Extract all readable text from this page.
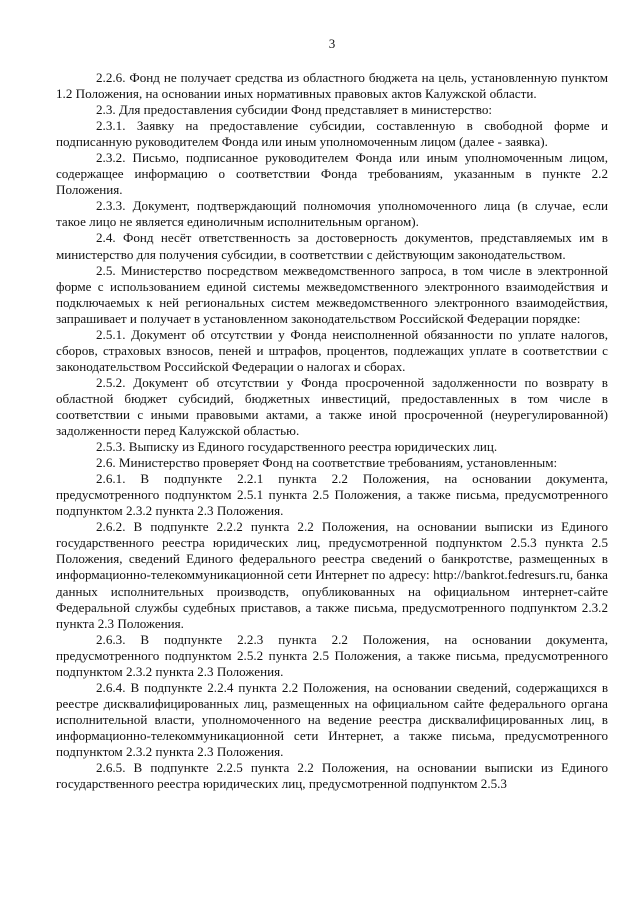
3

2.2.6. Фонд не получает средства из областного бюджета на цель, установленную пунктом 1.2 Положения, на основании иных нормативных правовых актов Калужской области.

2.3. Для предоставления субсидии Фонд представляет в министерство:

2.3.1. Заявку на предоставление субсидии, составленную в свободной форме и подписанную руководителем Фонда или иным уполномоченным лицом (далее - заявка).

2.3.2. Письмо, подписанное руководителем Фонда или иным уполномоченным лицом, содержащее информацию о соответствии Фонда требованиям, указанным в пункте 2.2 Положения.

2.3.3. Документ, подтверждающий полномочия уполномоченного лица (в случае, если такое лицо не является единоличным исполнительным органом).

2.4. Фонд несёт ответственность за достоверность документов, представляемых им в министерство для получения субсидии, в соответствии с действующим законодательством.

2.5. Министерство посредством межведомственного запроса, в том числе в электронной форме с использованием единой системы межведомственного электронного взаимодействия и подключаемых к ней региональных систем межведомственного электронного взаимодействия, запрашивает и получает в установленном законодательством Российской Федерации порядке:

2.5.1. Документ об отсутствии у Фонда неисполненной обязанности по уплате налогов, сборов, страховых взносов, пеней и штрафов, процентов, подлежащих уплате в соответствии с законодательством Российской Федерации о налогах и сборах.

2.5.2. Документ об отсутствии у Фонда просроченной задолженности по возврату в областной бюджет субсидий, бюджетных инвестиций, предоставленных в том числе в соответствии с иными правовыми актами, а также иной просроченной (неурегулированной) задолженности перед Калужской областью.

2.5.3. Выписку из Единого государственного реестра юридических лиц.

2.6. Министерство проверяет Фонд на соответствие требованиям, установленным:

2.6.1. В подпункте 2.2.1 пункта 2.2 Положения, на основании документа, предусмотренного подпунктом 2.5.1 пункта 2.5 Положения, а также письма, предусмотренного подпунктом 2.3.2 пункта 2.3 Положения.

2.6.2. В подпункте 2.2.2 пункта 2.2 Положения, на основании выписки из Единого государственного реестра юридических лиц, предусмотренной подпунктом 2.5.3 пункта 2.5 Положения, сведений Единого федерального реестра сведений о банкротстве, размещенных в информационно-телекоммуникационной сети Интернет по адресу: http://bankrot.fedresurs.ru, банка данных исполнительных производств, опубликованных на официальном интернет-сайте Федеральной службы судебных приставов, а также письма, предусмотренного подпунктом 2.3.2 пункта 2.3 Положения.

2.6.3. В подпункте 2.2.3 пункта 2.2 Положения, на основании документа, предусмотренного подпунктом 2.5.2 пункта 2.5 Положения, а также письма, предусмотренного подпунктом 2.3.2 пункта 2.3 Положения.

2.6.4. В подпункте 2.2.4 пункта 2.2 Положения, на основании сведений, содержащихся в реестре дисквалифицированных лиц, размещенных на официальном сайте федерального органа исполнительной власти, уполномоченного на ведение реестра дисквалифицированных лиц, в информационно-телекоммуникационной сети Интернет, а также письма, предусмотренного подпунктом 2.3.2 пункта 2.3 Положения.

2.6.5. В подпункте 2.2.5 пункта 2.2 Положения, на основании выписки из Единого государственного реестра юридических лиц, предусмотренной подпунктом 2.5.3
